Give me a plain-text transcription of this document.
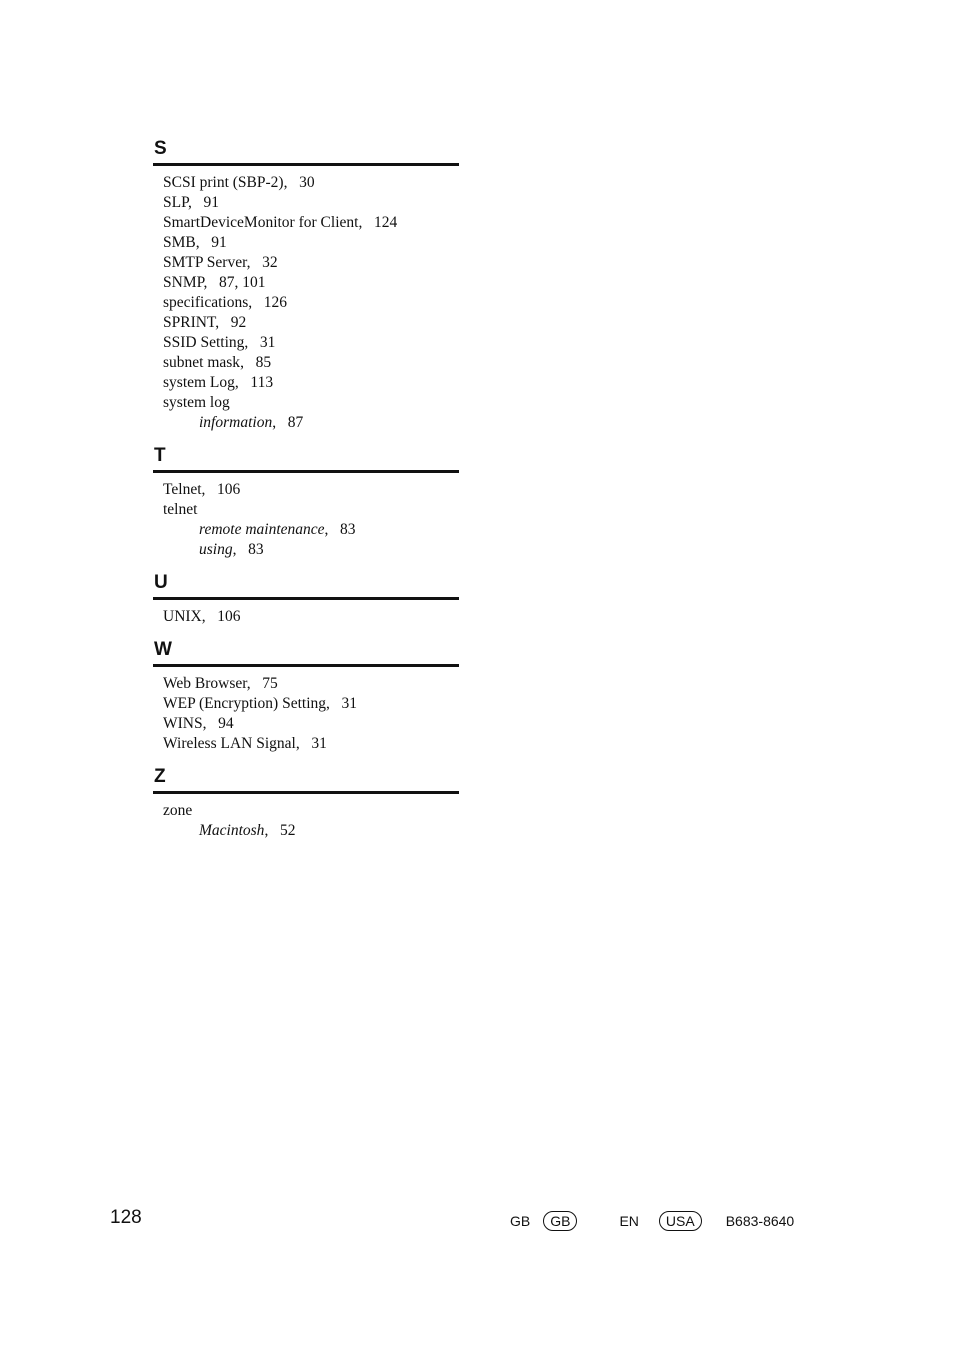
S
SCSI print (SBP-2),   30
SLP,   91
SmartDeviceMonitor for Client,   124
SMB,   91
SMTP Server,   32
SNMP,   87, 101
specifications,   126
SPRINT,   92
SSID Setting,   31
subnet mask,   85
system Log,   113
system log
information,   87
T
Telnet,   106
telnet
remote maintenance,   83
using,   83
U
UNIX,   106
W
Web Browser,   75
WEP (Encryption) Setting,   31
WINS,   94
Wireless LAN Signal,   31
Z
zone
Macintosh,   52
128	GB	GB	EN	USA	B683-8640
